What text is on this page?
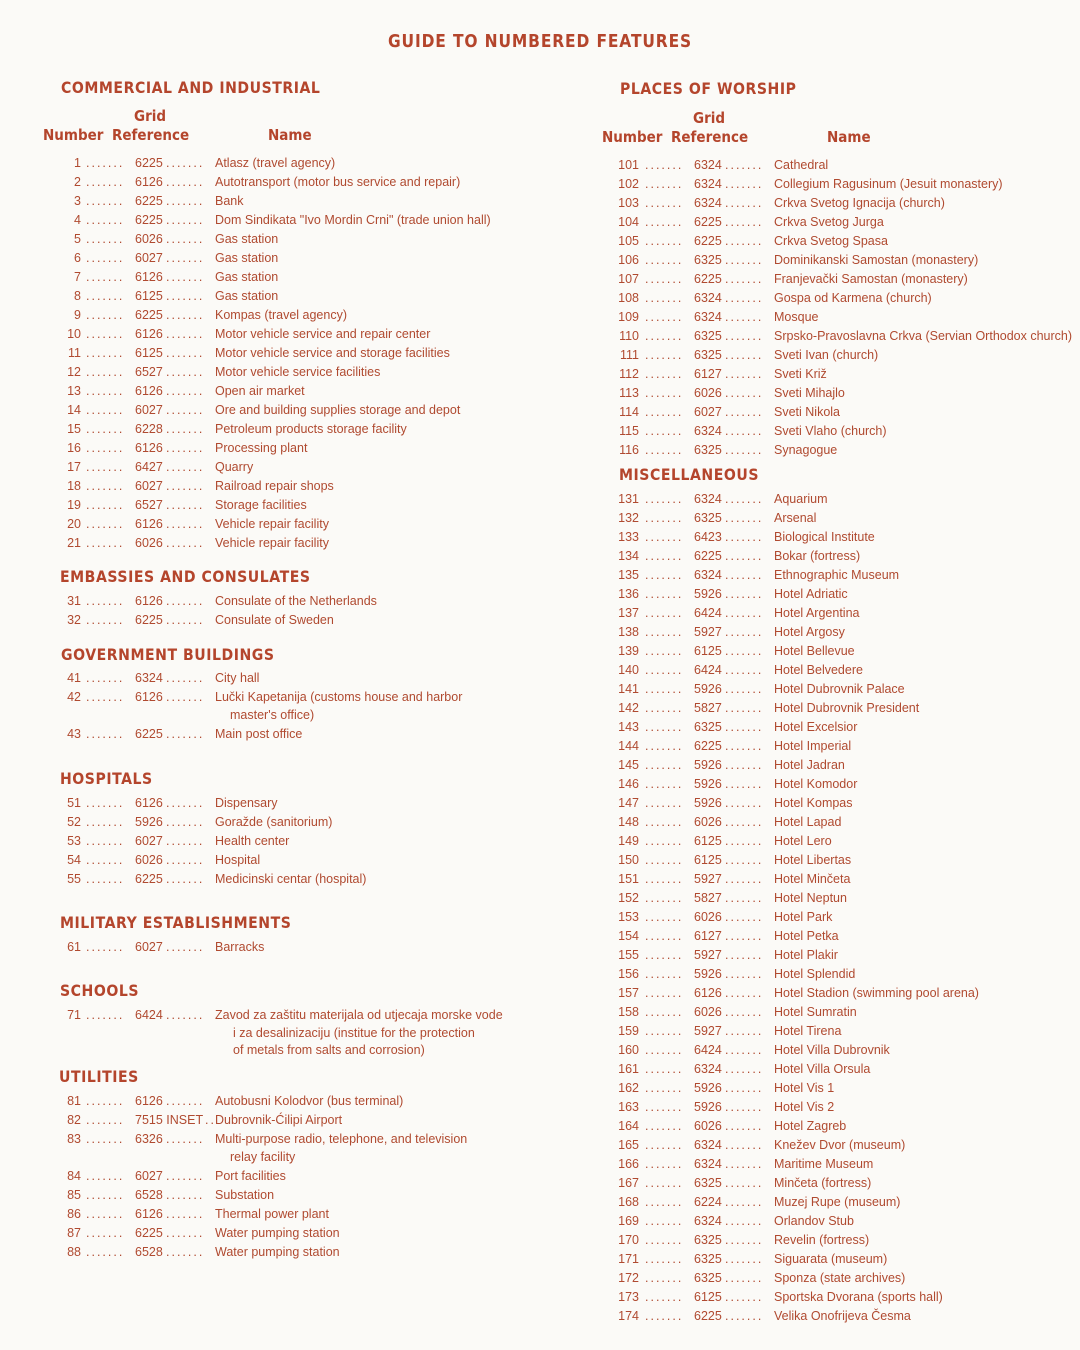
GUIDE TO NUMBERED FEATURES
COMMERCIAL AND INDUSTRIAL
Grid
Number Reference	Name
EMBASSIES AND CONSULATES
GOVERNMENT BUILDINGS
HOSPITALS
MILITARY ESTABLISHMENTS
SCHOOLS
UTILITIES
1 ....... 6225 ....... Atlasz (travel agency)
2 ....... 6126 ....... Autotransport (motor bus service and repair)
3 ....... 6225 ....... Bank
4 ....... 6225 ....... Dom Sindikata "Ivo Mordin Crni" (trade union hall)
5 ....... 6026 ....... Gas station
6 ....... 6027 ....... Gas station
7 ....... 6126 ....... Gas station
8 ....... 6125 ....... Gas station
9 ....... 6225 ....... Kompas (travel agency)
10 ....... 6126 ....... Motor vehicle service and repair center
11 ....... 6125 ....... Motor vehicle service and storage facilities
12 ....... 6527 ....... Motor vehicle service facilities
13 ....... 6126 ....... Open air market
14 ....... 6027 ....... Ore and building supplies storage and depot
15 ....... 6228 ....... Petroleum products storage facility
16 ....... 6126 ....... Processing plant
17 ....... 6427 ....... Quarry
18 ....... 6027 ....... Railroad repair shops
19 ....... 6527 ....... Storage facilities
20 ....... 6126 ....... Vehicle repair facility
21 ....... 6026 ....... Vehicle repair facility
31 ....... 6126 ....... Consulate of the Netherlands
32 ....... 6225 ....... Consulate of Sweden
41 ....... 6324 ....... City hall
42 ....... 6126 ....... Lučki Kapetanija (customs house and harbor
master's office)
43 ....... 6225 ....... Main post office
51 ....... 6126 ....... Dispensary
52 ....... 5926 ....... Goražde (sanitorium)
53 ....... 6027 ....... Health center
54 ....... 6026 ....... Hospital
55 ....... 6225 ....... Medicinski centar (hospital)
61 ....... 6027 ....... Barracks
71 ....... 6424 ....... Zavod za zaštitu materijala od utjecaja morske vode
i za desalinizaciju (institue for the protection
of metals from salts and corrosion)
81 ....... 6126 ....... Autobusni Kolodvor (bus terminal)
82 ....... 7515 INSET .. Dubrovnik-Ćilipi Airport
83 ....... 6326 ....... Multi-purpose radio, telephone, and television
relay facility
84 ....... 6027 ....... Port facilities
85 ....... 6528 ....... Substation
86 ....... 6126 ....... Thermal power plant
87 ....... 6225 ....... Water pumping station
88 ....... 6528 ....... Water pumping station
PLACES OF WORSHIP
Grid
Number Reference	Name
MISCELLANEOUS
101 ....... 6324 ....... Cathedral
102 ....... 6324 ....... Collegium Ragusinum (Jesuit monastery)
103 ....... 6324 ....... Crkva Svetog Ignacija (church)
104 ....... 6225 ....... Crkva Svetog Jurga
105 ....... 6225 ....... Crkva Svetog Spasa
106 ....... 6325 ....... Dominikanski Samostan (monastery)
107 ....... 6225 ....... Franjevački Samostan (monastery)
108 ....... 6324 ....... Gospa od Karmena (church)
109 ....... 6324 ....... Mosque
110 ....... 6325 ....... Srpsko-Pravoslavna Crkva (Servian Orthodox church)
111 ....... 6325 ....... Sveti Ivan (church)
112 ....... 6127 ....... Sveti Križ
113 ....... 6026 ....... Sveti Mihajlo
114 ....... 6027 ....... Sveti Nikola
115 ....... 6324 ....... Sveti Vlaho (church)
116 ....... 6325 ....... Synagogue
131 ....... 6324 ....... Aquarium
132 ....... 6325 ....... Arsenal
133 ....... 6423 ....... Biological Institute
134 ....... 6225 ....... Bokar (fortress)
135 ....... 6324 ....... Ethnographic Museum
136 ....... 5926 ....... Hotel Adriatic
137 ....... 6424 ....... Hotel Argentina
138 ....... 5927 ....... Hotel Argosy
139 ....... 6125 ....... Hotel Bellevue
140 ....... 6424 ....... Hotel Belvedere
141 ....... 5926 ....... Hotel Dubrovnik Palace
142 ....... 5827 ....... Hotel Dubrovnik President
143 ....... 6325 ....... Hotel Excelsior
144 ....... 6225 ....... Hotel Imperial
145 ....... 5926 ....... Hotel Jadran
146 ....... 5926 ....... Hotel Komodor
147 ....... 5926 ....... Hotel Kompas
148 ....... 6026 ....... Hotel Lapad
149 ....... 6125 ....... Hotel Lero
150 ....... 6125 ....... Hotel Libertas
151 ....... 5927 ....... Hotel Minčeta
152 ....... 5827 ....... Hotel Neptun
153 ....... 6026 ....... Hotel Park
154 ....... 6127 ....... Hotel Petka
155 ....... 5927 ....... Hotel Plakir
156 ....... 5926 ....... Hotel Splendid
157 ....... 6126 ....... Hotel Stadion (swimming pool arena)
158 ....... 6026 ....... Hotel Sumratin
159 ....... 5927 ....... Hotel Tirena
160 ....... 6424 ....... Hotel Villa Dubrovnik
161 ....... 6324 ....... Hotel Villa Orsula
162 ....... 5926 ....... Hotel Vis 1
163 ....... 5926 ....... Hotel Vis 2
164 ....... 6026 ....... Hotel Zagreb
165 ....... 6324 ....... Knežev Dvor (museum)
166 ....... 6324 ....... Maritime Museum
167 ....... 6325 ....... Minčeta (fortress)
168 ....... 6224 ....... Muzej Rupe (museum)
169 ....... 6324 ....... Orlandov Stub
170 ....... 6325 ....... Revelin (fortress)
171 ....... 6325 ....... Siguarata (museum)
172 ....... 6325 ....... Sponza (state archives)
173 ....... 6125 ....... Sportska Dvorana (sports hall)
174 ....... 6225 ....... Velika Onofrijeva Česma
